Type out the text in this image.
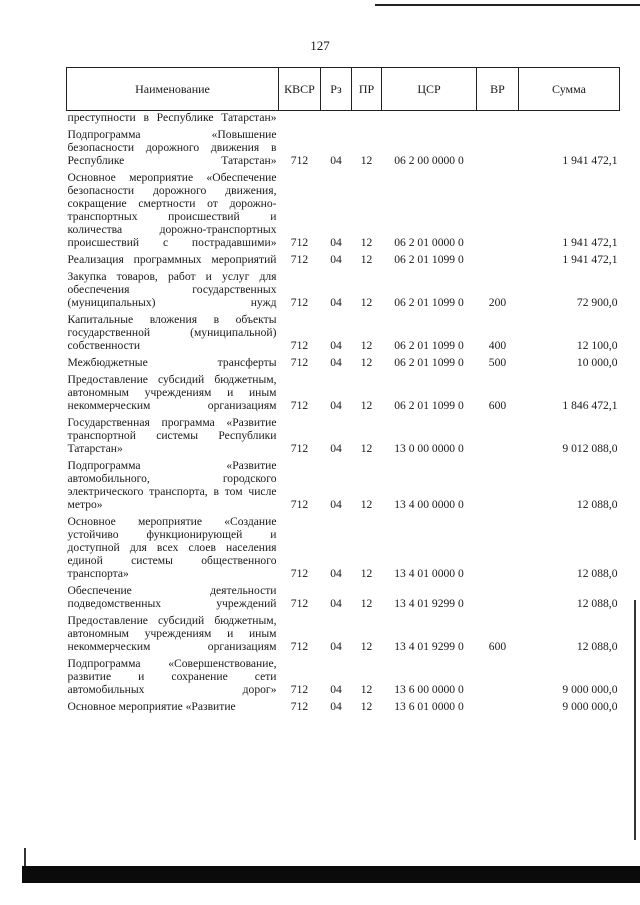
127
Наименование	КВСР	Рз	ПР	ЦСР	ВР	Сумма
преступности в Республике Татарстан»						
Подпрограмма «Повышение безопасности дорожного движения в Республике Татарстан»	712	04	12	06 2 00 0000 0		1 941 472,1
Основное мероприятие «Обеспечение безопасности дорожного движения, сокращение смертности от дорожно-транспортных происшествий и количества дорожно-транспортных происшествий с пострадавшими»	712	04	12	06 2 01 0000 0		1 941 472,1
Реализация программных мероприятий	712	04	12	06 2 01 1099 0		1 941 472,1
Закупка товаров, работ и услуг для обеспечения государственных (муниципальных) нужд	712	04	12	06 2 01 1099 0	200	72 900,0
Капитальные вложения в объекты государственной (муниципальной) собственности	712	04	12	06 2 01 1099 0	400	12 100,0
Межбюджетные трансферты	712	04	12	06 2 01 1099 0	500	10 000,0
Предоставление субсидий бюджетным, автономным учреждениям и иным некоммерческим организациям	712	04	12	06 2 01 1099 0	600	1 846 472,1
Государственная программа «Развитие транспортной системы Республики Татарстан»	712	04	12	13 0 00 0000 0		9 012 088,0
Подпрограмма «Развитие автомобильного, городского электрического транспорта, в том числе метро»	712	04	12	13 4 00 0000 0		12 088,0
Основное мероприятие «Создание устойчиво функционирующей и доступной для всех слоев населения единой системы общественного транспорта»	712	04	12	13 4 01 0000 0		12 088,0
Обеспечение деятельности подведомственных учреждений	712	04	12	13 4 01 9299 0		12 088,0
Предоставление субсидий бюджетным, автономным учреждениям и иным некоммерческим организациям	712	04	12	13 4 01 9299 0	600	12 088,0
Подпрограмма «Совершенствование, развитие и сохранение сети автомобильных дорог»	712	04	12	13 6 00 0000 0		9 000 000,0
Основное мероприятие «Развитие	712	04	12	13 6 01 0000 0		9 000 000,0
